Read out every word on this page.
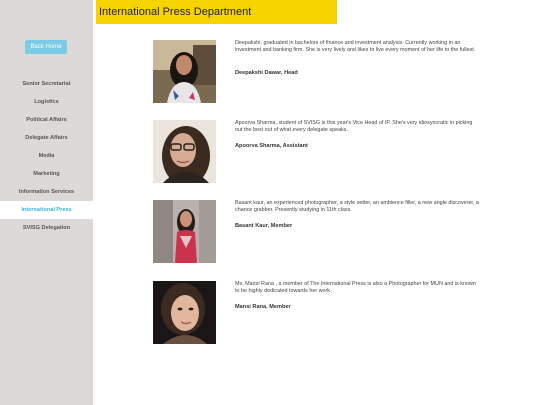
Back Home
Senior Secretariat
Logistics
Political Affairs
Delegate Affairs
Media
Marketing
Information Services
International Press
SVISG Delegation
International Press Department
Deepakshi, graduated in bachelors of finance and investment analysis. Currently working in an investment and banking firm. She is very lively and likes to live every moment of her life to the fullest.
Deepakshi Dawar, Head
Apoorva Sharma, student of SVISG is this year's Vice Head of IP. She's very idiosyncratic in picking out the best out of what every delegate speaks.
Apoorva Sharma, Assistant
Basant kaur, an experienced photographer, a style setter, an ambience filler, a new angle discoverer, a chance grabber. Presently studying in 11th class.
Basant Kaur, Member
Ms. Mansi Rana , a member of The International Press is also a Photographer for MUN and is known to be highly dedicated towards her work.
Mansi Rana, Member
